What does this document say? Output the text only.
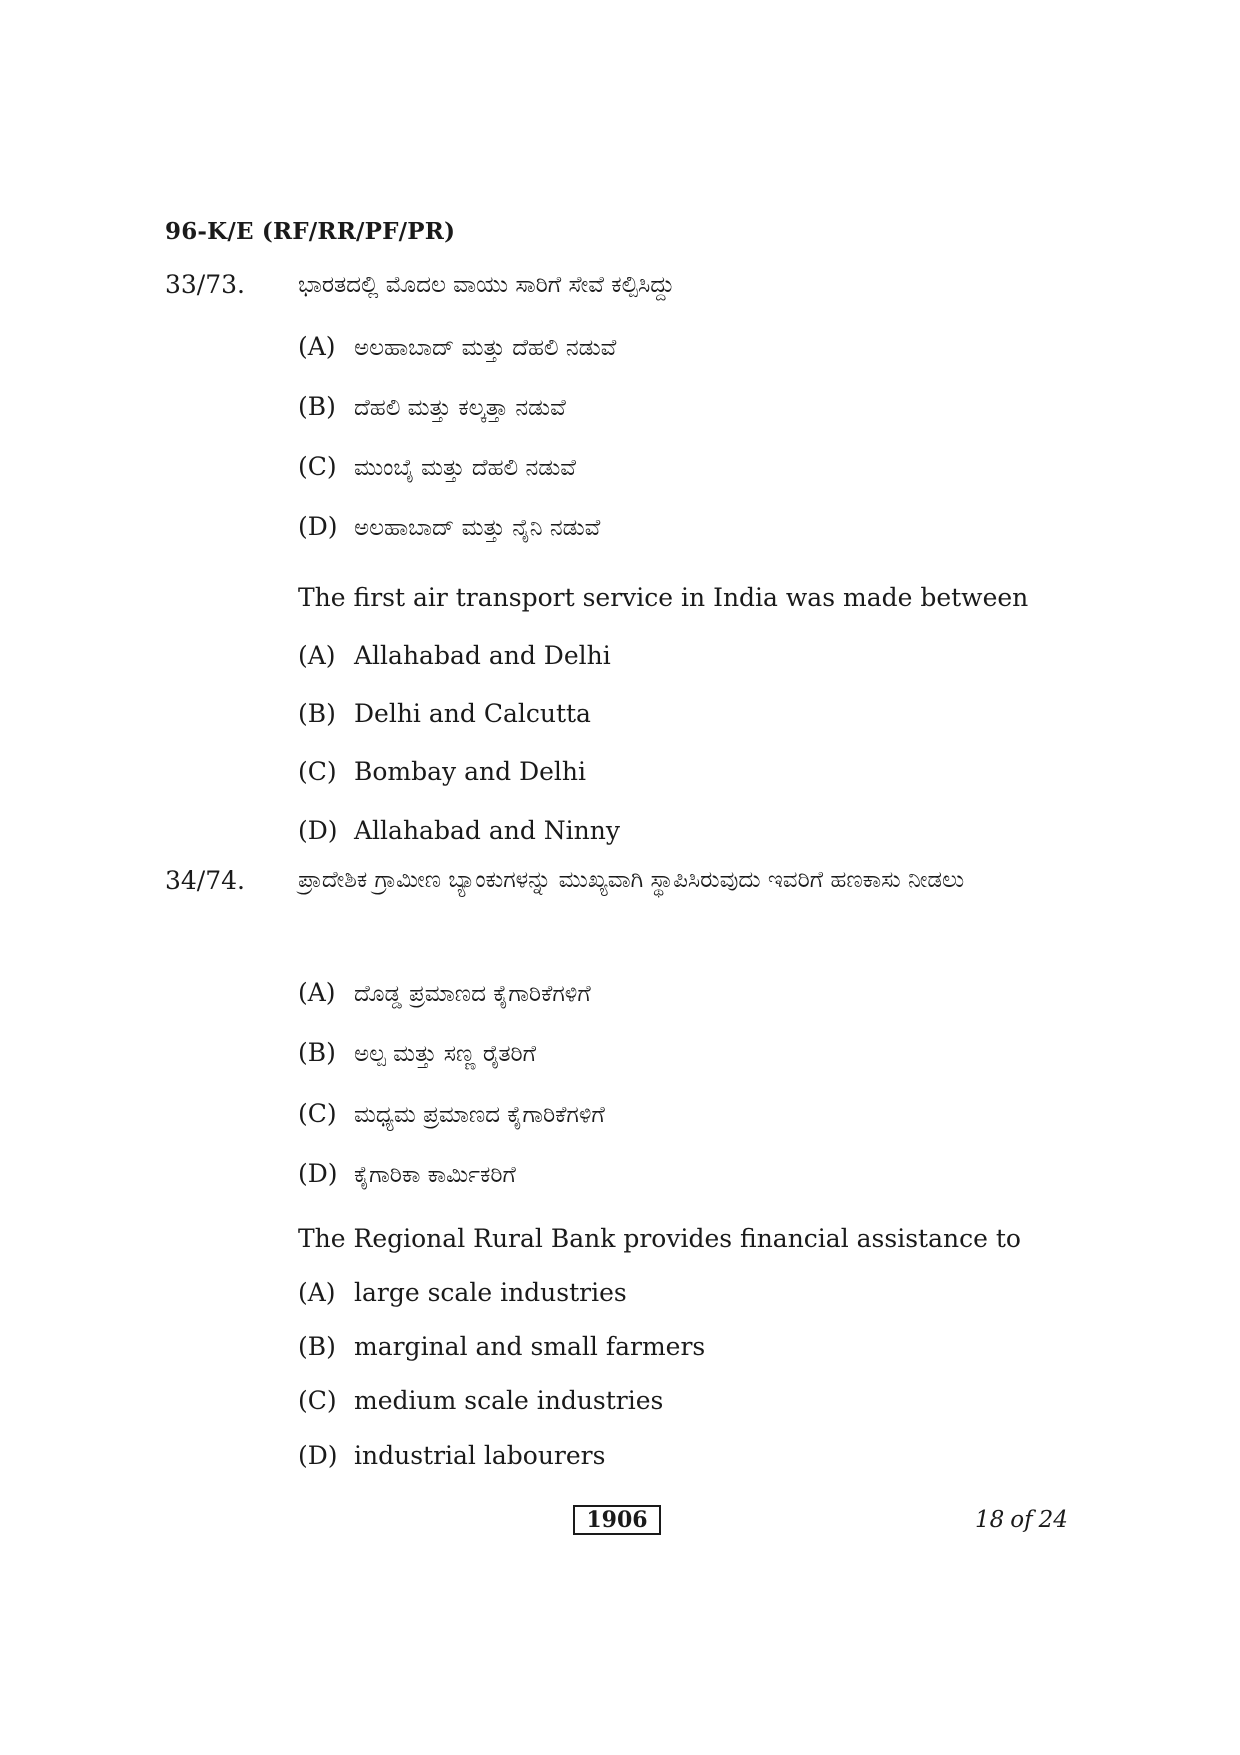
96-K/E (RF/RR/PF/PR)
33/73. ಭಾರತದಲ್ಲಿ ಮೊದಲ ವಾಯು ಸಾರಿಗೆ ಸೇವೆ ಕಲ್ಪಿಸಿದ್ದು
(A) ಅಲಹಾಬಾದ್ ಮತ್ತು ದೆಹಲಿ ನಡುವೆ
(B) ದೆಹಲಿ ಮತ್ತು ಕಲ್ಕತ್ತಾ ನಡುವೆ
(C) ಮುಂಬೈ ಮತ್ತು ದೆಹಲಿ ನಡುವೆ
(D) ಅಲಹಾಬಾದ್ ಮತ್ತು ನೈನಿ ನಡುವೆ
The first air transport service in India was made between
(A) Allahabad and Delhi
(B) Delhi and Calcutta
(C) Bombay and Delhi
(D) Allahabad and Ninny
34/74. ಪ್ರಾದೇಶಿಕ ಗ್ರಾಮೀಣ ಬ್ಯಾಂಕುಗಳನ್ನು ಮುಖ್ಯವಾಗಿ ಸ್ಥಾಪಿಸಿರುವುದು ಇವರಿಗೆ ಹಣಕಾಸು ನೀಡಲು
(A) ದೊಡ್ಡ ಪ್ರಮಾಣದ ಕೈಗಾರಿಕೆಗಳಿಗೆ
(B) ಅಲ್ಪ ಮತ್ತು ಸಣ್ಣ ರೈತರಿಗೆ
(C) ಮಧ್ಯಮ ಪ್ರಮಾಣದ ಕೈಗಾರಿಕೆಗಳಿಗೆ
(D) ಕೈಗಾರಿಕಾ ಕಾರ್ಮಿಕರಿಗೆ
The Regional Rural Bank provides financial assistance to
(A) large scale industries
(B) marginal and small farmers
(C) medium scale industries
(D) industrial labourers
1906	18 of 24
